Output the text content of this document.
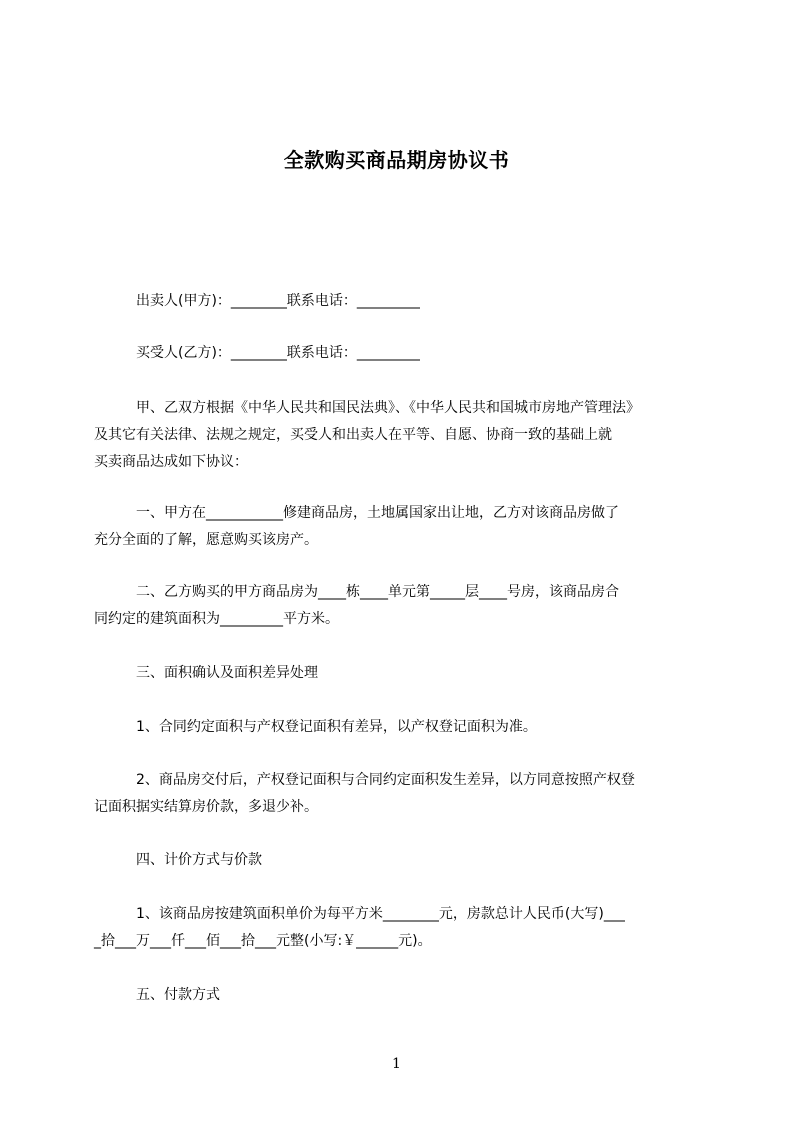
全款购买商品期房协议书
出卖人(甲方)：________联系电话：_________
买受人(乙方)：________联系电话：_________
甲、乙双方根据《中华人民共和国民法典》、《中华人民共和国城市房地产管理法》
及其它有关法律、法规之规定，买受人和出卖人在平等、自愿、协商一致的基础上就
买卖商品达成如下协议：
一、甲方在___________修建商品房，土地属国家出让地，乙方对该商品房做了
充分全面的了解，愿意购买该房产。
二、乙方购买的甲方商品房为____栋____单元第_____层____号房，该商品房合
同约定的建筑面积为_________平方米。
三、面积确认及面积差异处理
1、合同约定面积与产权登记面积有差异，以产权登记面积为准。
2、商品房交付后，产权登记面积与合同约定面积发生差异，以方同意按照产权登
记面积据实结算房价款，多退少补。
四、计价方式与价款
1、该商品房按建筑面积单价为每平方米________元，房款总计人民币(大写)___
_拾___万___仟___佰___拾___元整(小写:￥______元)。
五、付款方式
1
